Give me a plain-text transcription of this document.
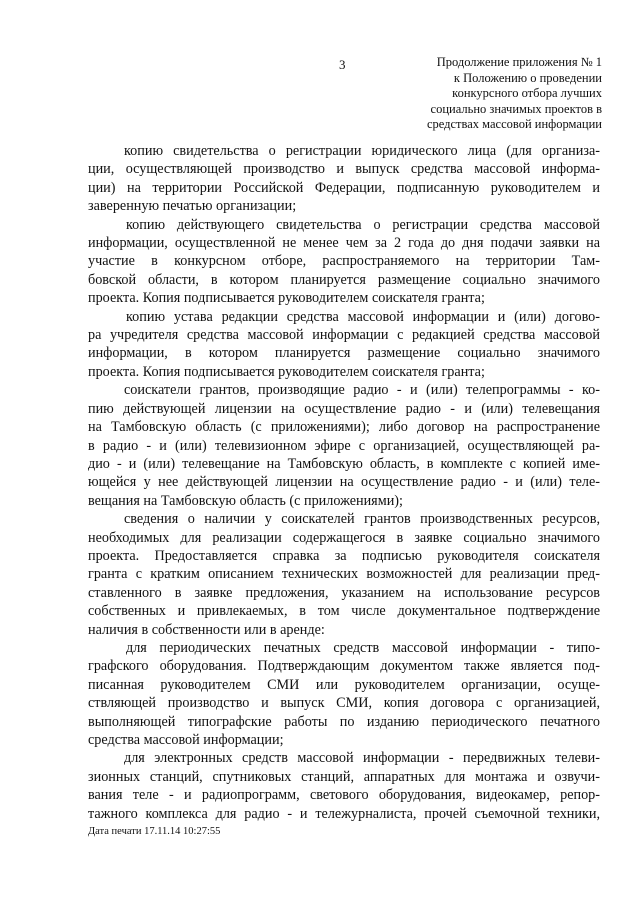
3	Продолжение приложения № 1
к Положению о проведении
конкурсного отбора лучших
социально значимых проектов в
средствах массовой информации
копию свидетельства о регистрации юридического лица (для организа-
ции, осуществляющей производство и выпуск средства массовой информа-
ции) на территории Российской Федерации, подписанную руководителем и
заверенную печатью организации;
копию действующего свидетельства о регистрации средства массовой
информации, осуществленной не менее чем за 2 года до дня подачи заявки на
участие в конкурсном отборе, распространяемого на территории Там-
бовской области, в котором планируется размещение социально значимого
проекта. Копия подписывается руководителем соискателя гранта;
копию устава редакции средства массовой информации и (или) догово-
ра учредителя средства массовой информации с редакцией средства массовой
информации, в котором планируется размещение социально значимого
проекта. Копия подписывается руководителем соискателя гранта;
соискатели грантов, производящие радио - и (или) телепрограммы - ко-
пию действующей лицензии на осуществление радио - и (или) телевещания
на Тамбовскую область (с приложениями); либо договор на распространение
в радио - и (или) телевизионном эфире с организацией, осуществляющей ра-
дио - и (или) телевещание на Тамбовскую область, в комплекте с копией име-
ющейся у нее действующей лицензии на осуществление радио - и (или) теле-
вещания на Тамбовскую область (с приложениями);
сведения о наличии у соискателей грантов производственных ресурсов,
необходимых для реализации содержащегося в заявке социально значимого
проекта. Предоставляется справка за подписью руководителя соискателя
гранта с кратким описанием технических возможностей для реализации пред-
ставленного в заявке предложения, указанием на использование ресурсов
собственных и привлекаемых, в том числе документальное подтверждение
наличия в собственности или в аренде:
для периодических печатных средств массовой информации - типо-
графского оборудования. Подтверждающим документом также является под-
писанная руководителем СМИ или руководителем организации, осуще-
ствляющей производство и выпуск СМИ, копия договора с организацией,
выполняющей типографские работы по изданию периодического печатного
средства массовой информации;
для электронных средств массовой информации - передвижных телеви-
зионных станций, спутниковых станций, аппаратных для монтажа и озвучи-
вания теле - и радиопрограмм, светового оборудования, видеокамер, репор-
тажного комплекса для радио - и тележурналиста, прочей съемочной техники,
Дата печати 17.11.14 10:27:55
